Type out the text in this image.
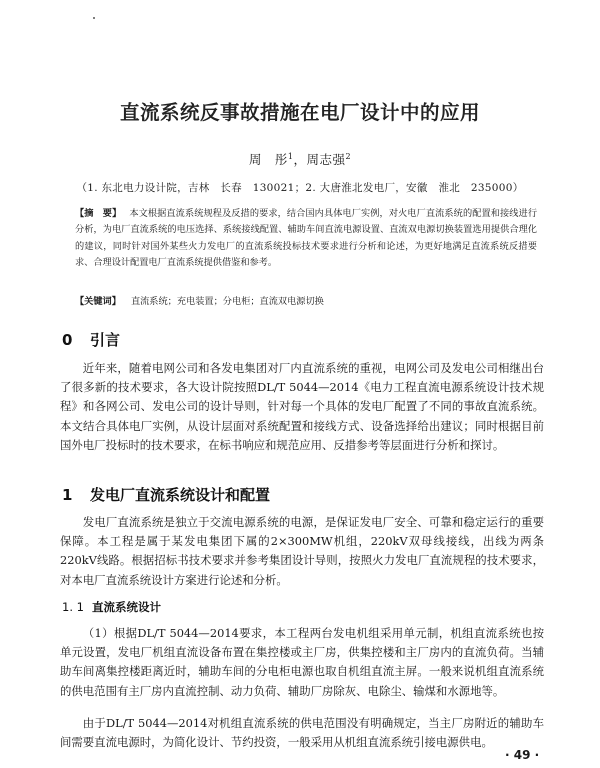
直流系统反事故措施在电厂设计中的应用
周　彤$^1$，周志强$^2$
（1. 东北电力设计院，吉林　长春　130021；2. 大唐淮北发电厂，安徽　淮北　235000）
【摘　要】 本文根据直流系统规程及反措的要求，结合国内具体电厂实例，对火电厂直流系统的配置和接线进行分析，为电厂直流系统的电压选择、系统接线配置、辅助车间直流电源设置、直流双电源切换装置选用提供合理化的建议，同时针对国外某些火力发电厂的直流系统投标技术要求进行分析和论述，为更好地满足直流系统反措要求、合理设计配置电厂直流系统提供借鉴和参考。
【关键词】 直流系统；充电装置；分电柜；直流双电源切换
0 引言
近年来，随着电网公司和各发电集团对厂内直流系统的重视，电网公司及发电公司相继出台了很多新的技术要求，各大设计院按照DL/T 5044—2014《电力工程直流电源系统设计技术规程》和各网公司、发电公司的设计导则，针对每一个具体的发电厂配置了不同的事故直流系统。本文结合具体电厂实例，从设计层面对系统配置和接线方式、设备选择给出建议；同时根据目前国外电厂投标时的技术要求，在标书响应和规范应用、反措参考等层面进行分析和探讨。
1 发电厂直流系统设计和配置
发电厂直流系统是独立于交流电源系统的电源，是保证发电厂安全、可靠和稳定运行的重要保障。本工程是属于某发电集团下属的2×300MW机组，220kV双母线接线，出线为两条220kV线路。根据招标书技术要求并参考集团设计导则，按照火力发电厂直流规程的技术要求，对本电厂直流系统设计方案进行论述和分析。
1. 1 直流系统设计
（1）根据DL/T 5044—2014要求，本工程两台发电机组采用单元制，机组直流系统也按单元设置，发电厂机组直流设备布置在集控楼或主厂房，供集控楼和主厂房内的直流负荷。当辅助车间离集控楼距离近时，辅助车间的分电柜电源也取自机组直流主屏。一般来说机组直流系统的供电范围有主厂房内直流控制、动力负荷、辅助厂房除灰、电除尘、输煤和水源地等。
由于DL/T 5044—2014对机组直流系统的供电范围没有明确规定，当主厂房附近的辅助车间需要直流电源时，为简化设计、节约投资，一般采用从机组直流系统引接电源供电。
· 49 ·
